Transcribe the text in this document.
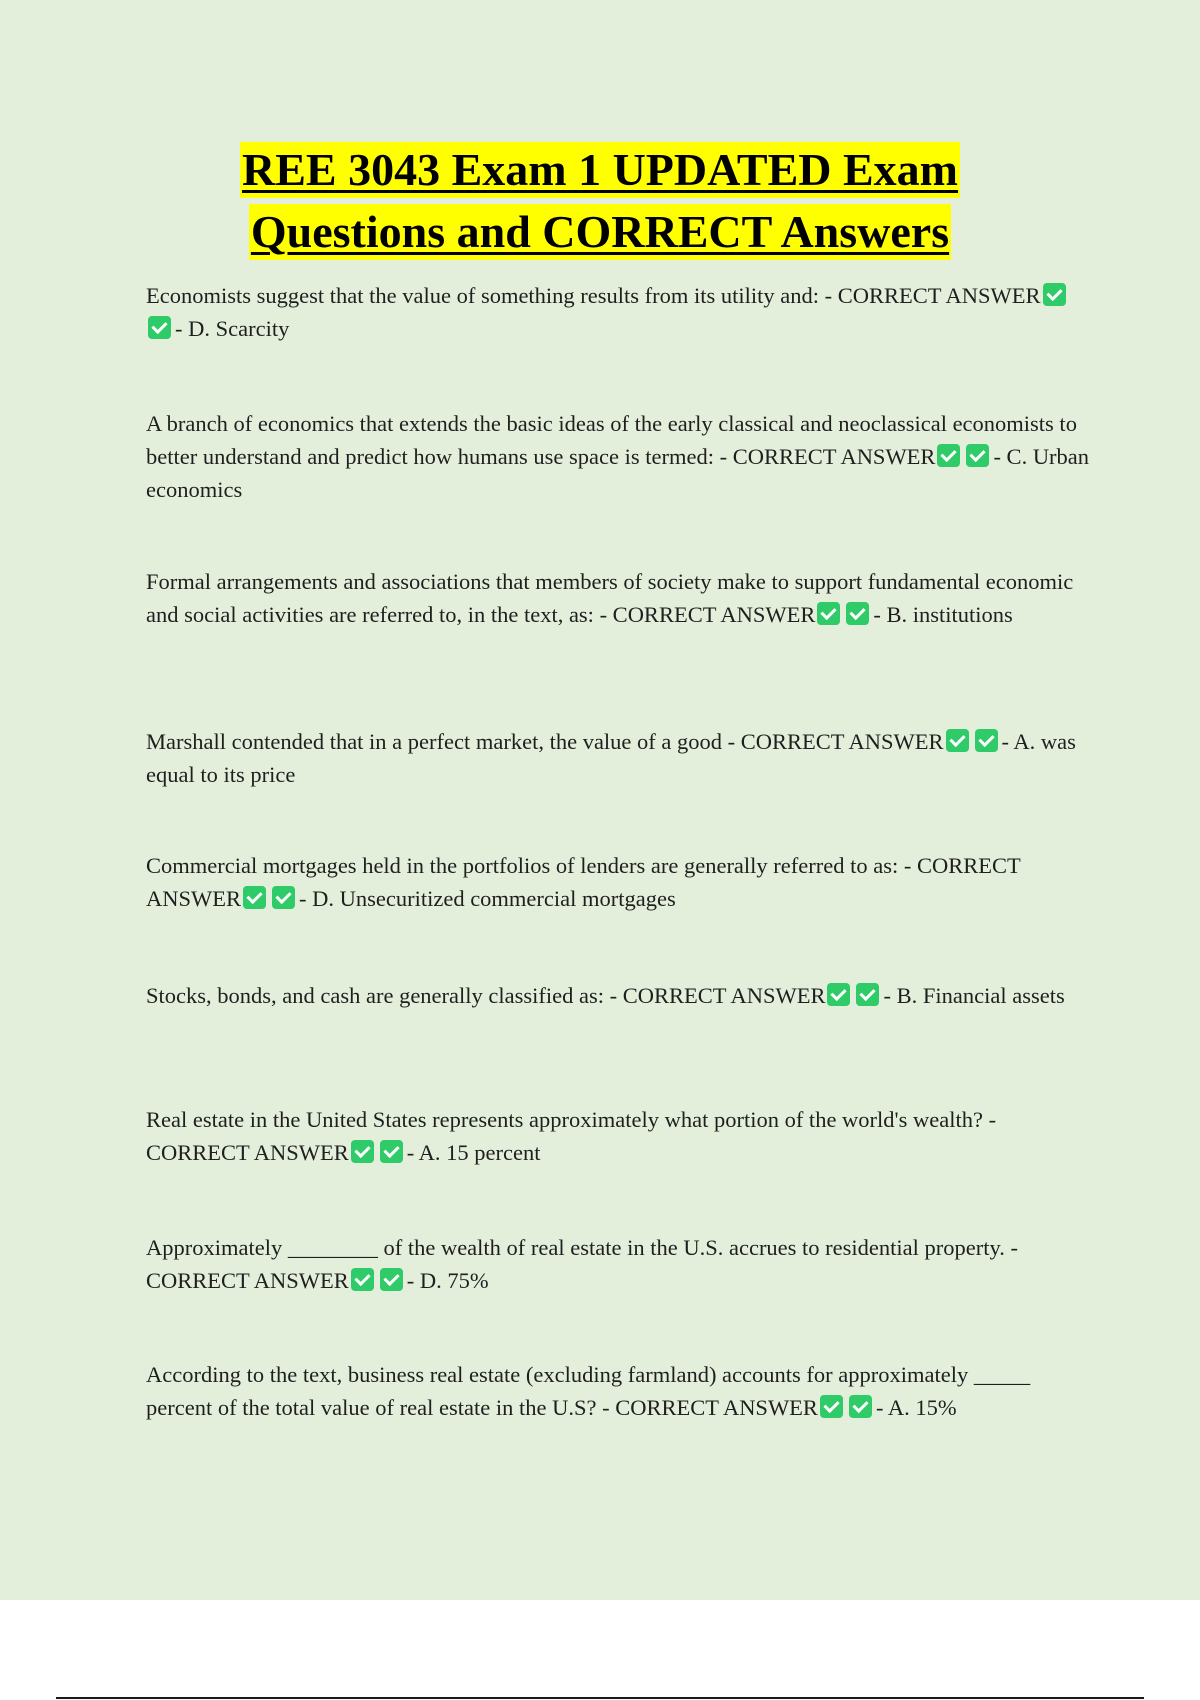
REE 3043 Exam 1 UPDATED Exam
Questions and CORRECT Answers

Economists suggest that the value of something results from its utility and: - CORRECT ANSWER- D. Scarcity

A branch of economics that extends the basic ideas of the early classical and neoclassical economists to better understand and predict how humans use space is termed: - CORRECT ANSWER	- C. Urban economics

Formal arrangements and associations that members of society make to support fundamental economic and social activities are referred to, in the text, as: - CORRECT ANSWER	- B. institutions

Marshall contended that in a perfect market, the value of a good - CORRECT ANSWER	- A. was equal to its price

Commercial mortgages held in the portfolios of lenders are generally referred to as: - CORRECT ANSWER	- D. Unsecuritized commercial mortgages

Stocks, bonds, and cash are generally classified as: - CORRECT ANSWER	- B. Financial assets

Real estate in the United States represents approximately what portion of the world's wealth? - CORRECT ANSWER	- A. 15 percent

Approximately ________ of the wealth of real estate in the U.S. accrues to residential property. - CORRECT ANSWER	- D. 75%

According to the text, business real estate (excluding farmland) accounts for approximately _____ percent of the total value of real estate in the U.S? - CORRECT ANSWER	- A. 15%
